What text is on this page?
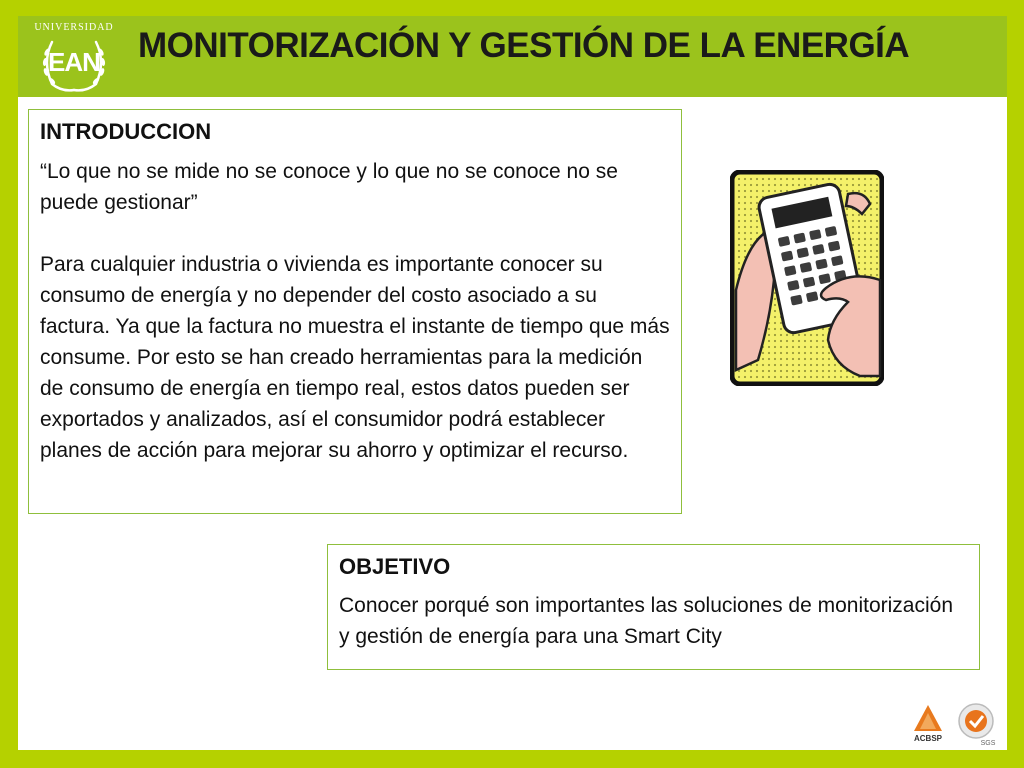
UNIVERSIDAD
EAN	MONITORIZACIÓN Y GESTIÓN DE LA ENERGÍA
INTRODUCCION

“Lo que no se mide no se conoce y lo que no se conoce no se puede gestionar”

Para cualquier industria o vivienda es importante conocer su consumo de energía y no depender del costo asociado a su factura. Ya que la factura no muestra el instante de tiempo que más consume. Por esto se han creado herramientas para la medición de consumo de energía en tiempo real, estos datos pueden ser exportados y analizados, así el consumidor podrá establecer planes de acción para mejorar su ahorro y optimizar el recurso.

OBJETIVO

Conocer porqué son importantes las soluciones de monitorización y gestión de energía para una Smart City

ACBSP
SGS
